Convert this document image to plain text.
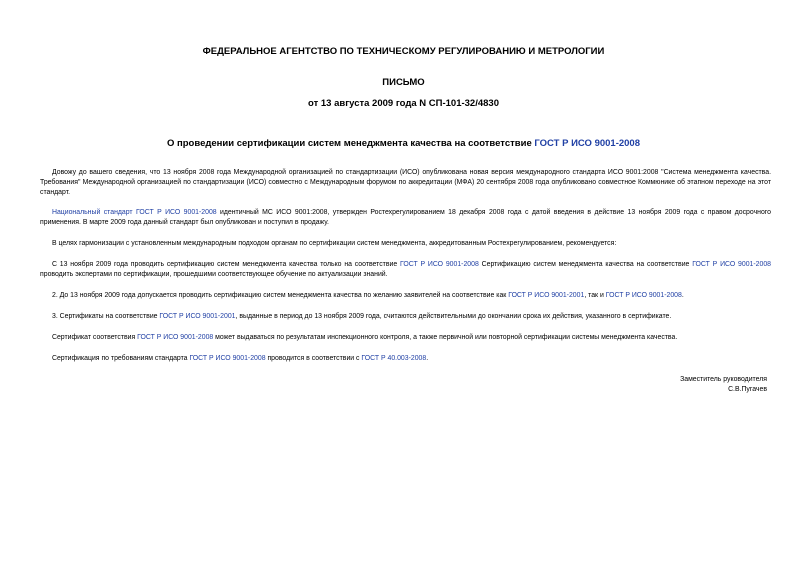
ФЕДЕРАЛЬНОЕ АГЕНТСТВО ПО ТЕХНИЧЕСКОМУ РЕГУЛИРОВАНИЮ И МЕТРОЛОГИИ
ПИСЬМО
от 13 августа 2009 года N СП-101-32/4830
О проведении сертификации систем менеджмента качества на соответствие ГОСТ Р ИСО 9001-2008
Довожу до вашего сведения, что 13 ноября 2008 года Международной организацией по стандартизации (ИСО) опубликована новая версия международного стандарта ИСО 9001:2008 "Система менеджмента качества. Требования" Международной организацией по стандартизации (ИСО) совместно с Международным форумом по аккредитации (МФА) 20 сентября 2008 года опубликовано совместное Коммюнике об этапном переходе на этот стандарт.
Национальный стандарт ГОСТ Р ИСО 9001-2008 идентичный МС ИСО 9001:2008, утвержден Ростехрегулированием 18 декабря 2008 года с датой введения в действие 13 ноября 2009 года с правом досрочного применения. В марте 2009 года данный стандарт был опубликован и поступил в продажу.
В целях гармонизации с установленным международным подходом органам по сертификации систем менеджмента, аккредитованным Ростехрегулированием, рекомендуется:
С 13 ноября 2009 года проводить сертификацию систем менеджмента качества только на соответствие ГОСТ Р ИСО 9001-2008 Сертификацию систем менеджмента качества на соответствие ГОСТ Р ИСО 9001-2008 проводить экспертами по сертификации, прошедшими соответствующее обучение по актуализации знаний.
2. До 13 ноября 2009 года допускается проводить сертификацию систем менеджмента качества по желанию заявителей на соответствие как ГОСТ Р ИСО 9001-2001, так и ГОСТ Р ИСО 9001-2008.
3. Сертификаты на соответствие ГОСТ Р ИСО 9001-2001, выданные в период до 13 ноября 2009 года, считаются действительными до окончании срока их действия, указанного в сертификате.
Сертификат соответствия ГОСТ Р ИСО 9001-2008 может выдаваться по результатам инспекционного контроля, а также первичной или повторной сертификации системы менеджмента качества.
Сертификация по требованиям стандарта ГОСТ Р ИСО 9001-2008 проводится в соответствии с ГОСТ Р 40.003-2008.
Заместитель руководителя
С.В.Пугачев
